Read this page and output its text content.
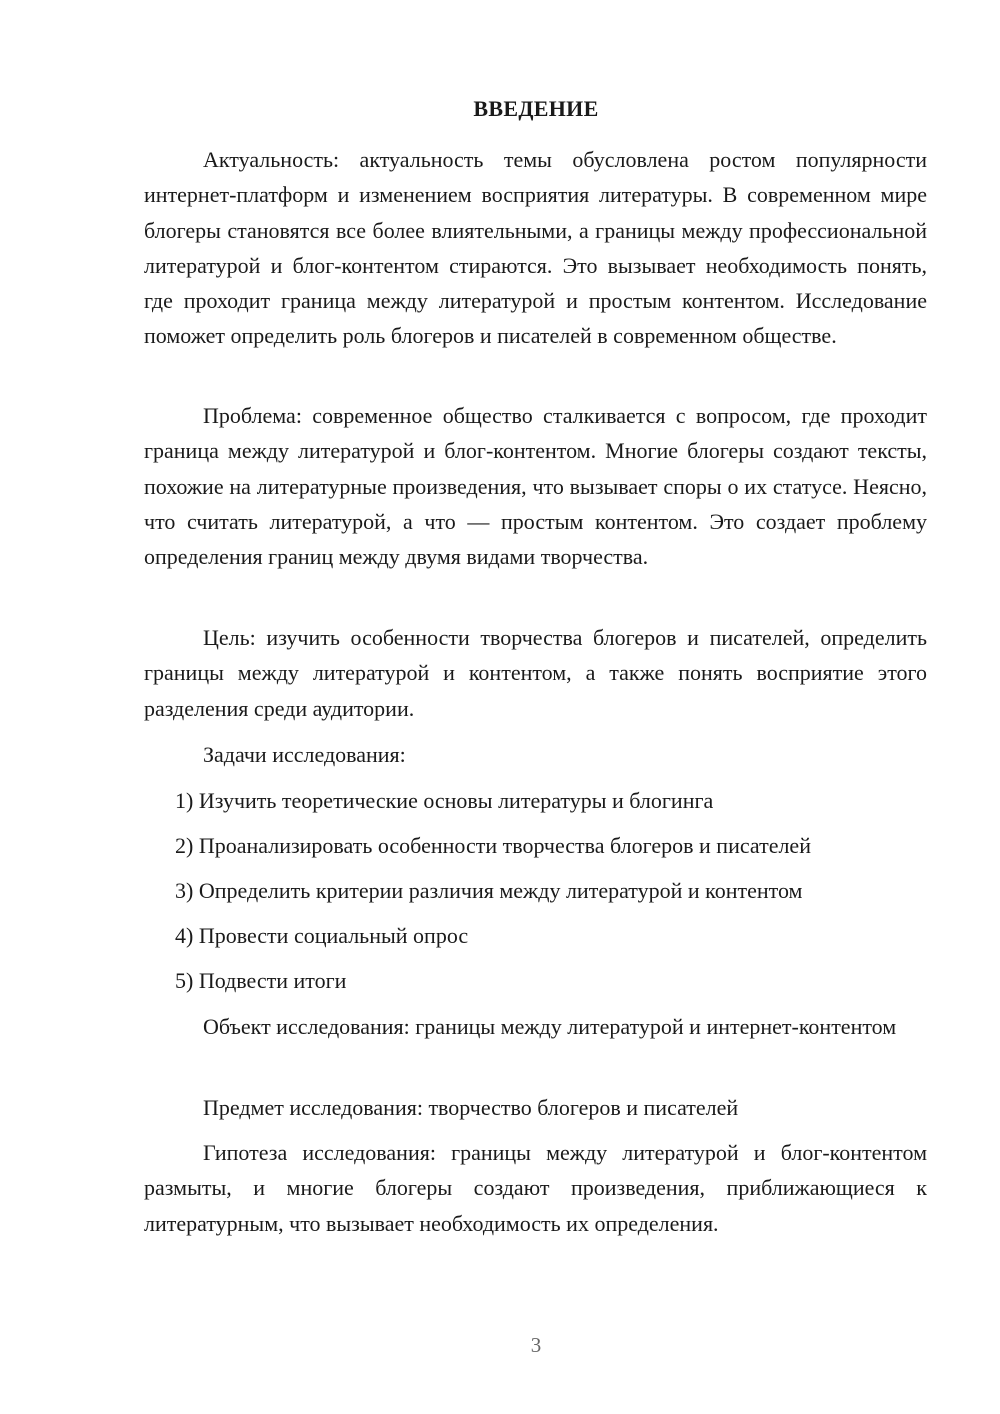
ВВЕДЕНИЕ

Актуальность: актуальность темы обусловлена ростом популярности интернет-платформ и изменением восприятия литературы. В современном мире блогеры становятся все более влиятельными, а границы между профессиональной литературой и блог-контентом стираются. Это вызывает необходимость понять, где проходит граница между литературой и простым контентом. Исследование поможет определить роль блогеров и писателей в современном обществе.

Проблема: современное общество сталкивается с вопросом, где проходит граница между литературой и блог-контентом. Многие блогеры создают тексты, похожие на литературные произведения, что вызывает споры о их статусе. Неясно, что считать литературой, а что — простым контентом. Это создает проблему определения границ между двумя видами творчества.

Цель: изучить особенности творчества блогеров и писателей, определить границы между литературой и контентом, а также понять восприятие этого разделения среди аудитории.

Задачи исследования:

1) Изучить теоретические основы литературы и блогинга

2) Проанализировать особенности творчества блогеров и писателей

3) Определить критерии различия между литературой и контентом

4) Провести социальный опрос

5) Подвести итоги

Объект исследования: границы между литературой и интернет-контентом

Предмет исследования: творчество блогеров и писателей

Гипотеза исследования: границы между литературой и блог-контентом размыты, и многие блогеры создают произведения, приближающиеся к литературным, что вызывает необходимость их определения.

3
